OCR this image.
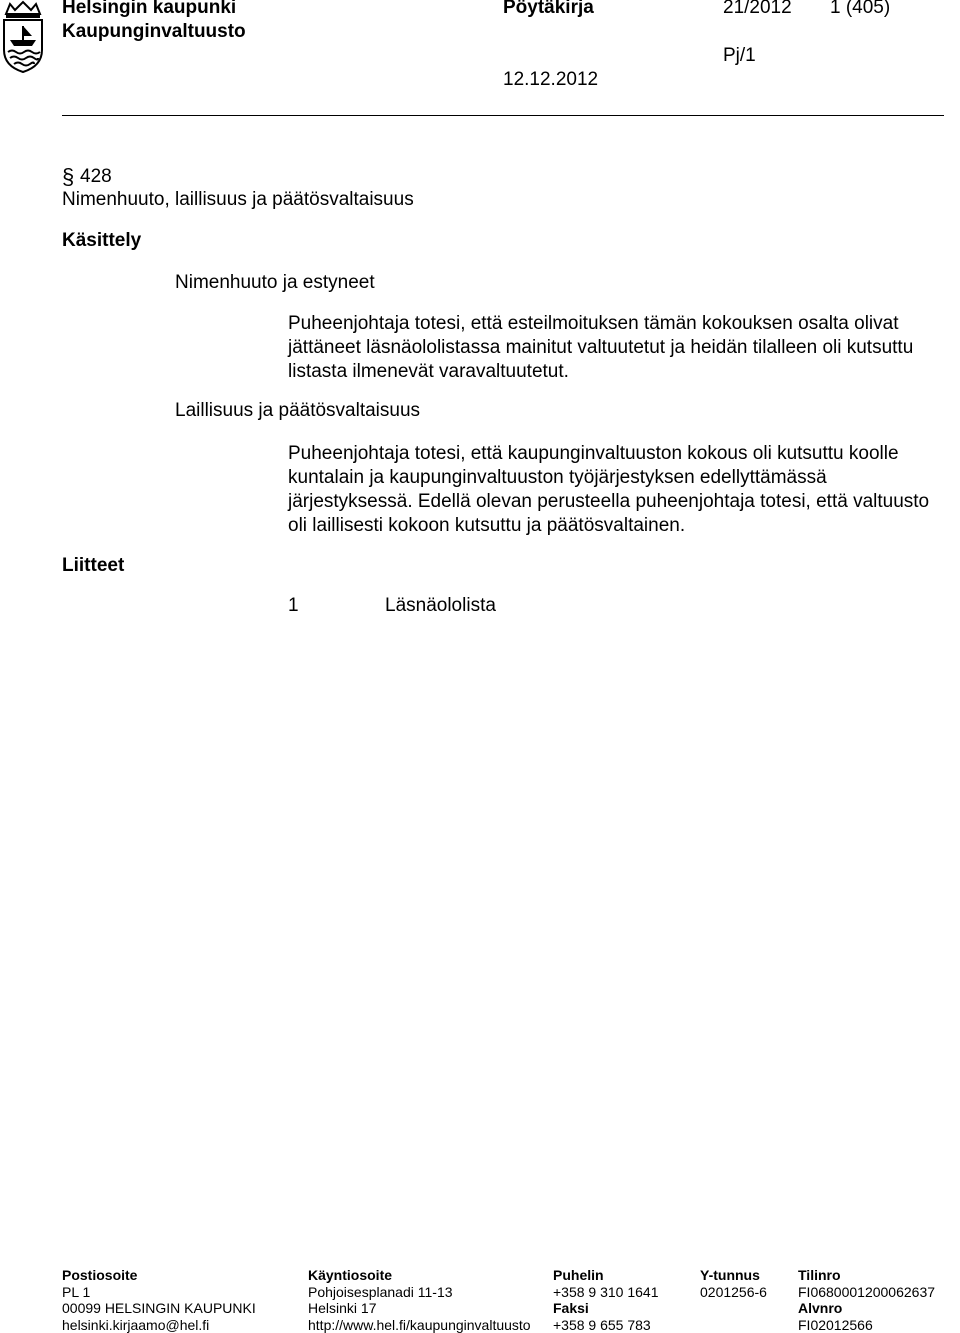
Helsingin kaupunki
Kaupunginvaltuusto
Pöytäkirja	21/2012 1 (405)
Pj/1
12.12.2012
§ 428
Nimenhuuto, laillisuus ja päätösvaltaisuus
Käsittely
Nimenhuuto ja estyneet
Puheenjohtaja totesi, että esteilmoituksen tämän kokouksen osalta olivat jättäneet läsnäololistassa mainitut valtuutetut ja heidän tilalleen oli kutsuttu listasta ilmenevät varavaltuutetut.
Laillisuus ja päätösvaltaisuus
Puheenjohtaja totesi, että kaupunginvaltuuston kokous oli kutsuttu koolle kuntalain ja kaupunginvaltuuston työjärjestyksen edellyttämässä järjestyksessä. Edellä olevan perusteella puheenjohtaja totesi, että valtuusto oli laillisesti kokoon kutsuttu ja päätösvaltainen.
Liitteet
1	Läsnäololista
Postiosoite
PL 1
00099 HELSINGIN KAUPUNKI
helsinki.kirjaamo@hel.fi
Käyntiosoite
Pohjoisesplanadi 11-13
Helsinki 17
http://www.hel.fi/kaupunginvaltuusto
Puhelin
+358 9 310 1641
Faksi
+358 9 655 783
Y-tunnus
0201256-6
Tilinro
FI0680001200062637
Alvnro
FI02012566
